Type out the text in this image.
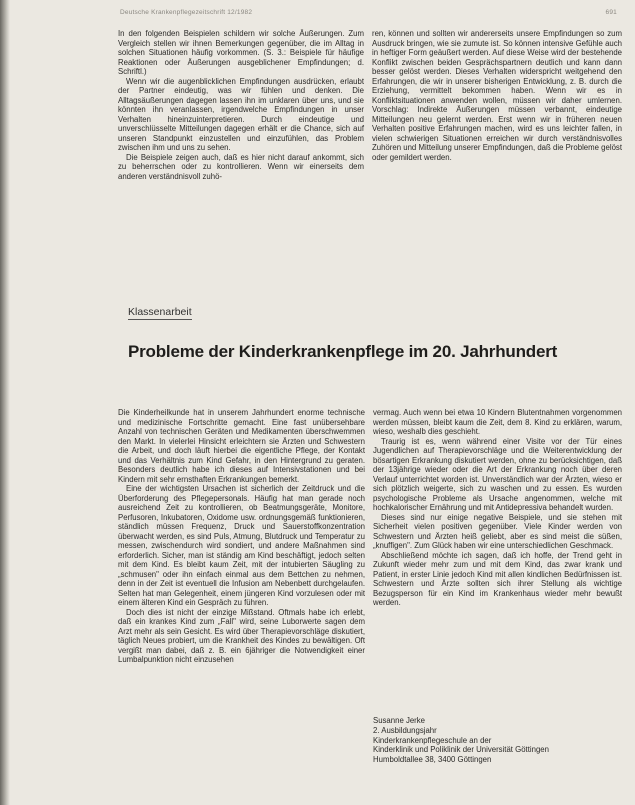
Deutsche Krankenpflegezeitschrift 12/1982	691

In den folgenden Beispielen schildern wir solche Äußerungen. Zum Vergleich stellen wir ihnen Bemerkungen gegenüber, die im Alltag in solchen Situationen häufig vorkommen. (S. 3.: Beispiele für häufige Reaktionen oder Äußerungen ausgeblichener Empfindungen; d. Schriftl.)

Wenn wir die augenblicklichen Empfindungen ausdrücken, erlaubt der Partner eindeutig, was wir fühlen und denken. Die Alltagsäußerungen dagegen lassen ihn im unklaren über uns, und sie könnten ihn veranlassen, irgendwelche Empfindungen in unser Verhalten hineinzuinterpretieren. Durch eindeutige und unverschlüsselte Mitteilungen dagegen erhält er die Chance, sich auf unseren Standpunkt einzustellen und einzufühlen, das Problem zwischen ihm und uns zu sehen.

Die Beispiele zeigen auch, daß es hier nicht darauf ankommt, sich zu beherrschen oder zu kontrollieren. Wenn wir einerseits dem anderen verständnisvoll zuhö-

ren, können und sollten wir andererseits unsere Empfindungen so zum Ausdruck bringen, wie sie zumute ist. So können intensive Gefühle auch in heftiger Form geäußert werden. Auf diese Weise wird der bestehende Konflikt zwischen beiden Gesprächspartnern deutlich und kann dann besser gelöst werden. Dieses Verhalten widerspricht weitgehend den Erfahrungen, die wir in unserer bisherigen Entwicklung, z. B. durch die Erziehung, vermittelt bekommen haben. Wenn wir es in Konfliktsituationen anwenden wollen, müssen wir daher umlernen. Vorschlag: Indirekte Äußerungen müssen verbannt, eindeutige Mitteilungen neu gelernt werden. Erst wenn wir in früheren neuen Verhalten positive Erfahrungen machen, wird es uns leichter fallen, in vielen schwierigen Situationen erreichen wir durch verständnisvolles Zuhören und Mitteilung unserer Empfindungen, daß die Probleme gelöst oder gemildert werden.

Klassenarbeit
Probleme der Kinderkrankenpflege im 20. Jahrhundert

Die Kinderheilkunde hat in unserem Jahrhundert enorme technische und medizinische Fortschritte gemacht. Eine fast unübersehbare Anzahl von technischen Geräten und Medikamenten überschwemmen den Markt. In vielerlei Hinsicht erleichtern sie Ärzten und Schwestern die Arbeit, und doch läuft hierbei die eigentliche Pflege, der Kontakt und das Verhältnis zum Kind Gefahr, in den Hintergrund zu geraten. Besonders deutlich habe ich dieses auf Intensivstationen und bei Kindern mit sehr ernsthaften Erkrankungen bemerkt.

Eine der wichtigsten Ursachen ist sicherlich der Zeitdruck und die Überforderung des Pflegepersonals. Häufig hat man gerade noch ausreichend Zeit zu kontrollieren, ob Beatmungsgeräte, Monitore, Perfusoren, Inkubatoren, Oxidome usw. ordnungsgemäß funktionieren, ständlich müssen Frequenz, Druck und Sauerstoffkonzentration überwacht werden, es sind Puls, Atmung, Blutdruck und Temperatur zu messen, zwischendurch wird sondiert, und andere Maßnahmen sind erforderlich. Sicher, man ist ständig am Kind beschäftigt, jedoch selten mit dem Kind. Es bleibt kaum Zeit, mit der intubierten Säugling zu „schmusen" oder ihn einfach einmal aus dem Bettchen zu nehmen, denn in der Zeit ist eventuell die Infusion am Nebenbett durchgelaufen. Selten hat man Gelegenheit, einem jüngeren Kind vorzulesen oder mit einem älteren Kind ein Gespräch zu führen.

Doch dies ist nicht der einzige Mißstand. Oftmals habe ich erlebt, daß ein krankes Kind zum „Fall" wird, seine Luborwerte sagen dem Arzt mehr als sein Gesicht. Es wird über Therapievorschläge diskutiert, täglich Neues probiert, um die Krankheit des Kindes zu bewältigen. Oft vergißt man dabei, daß z. B. ein 6jähriger die Notwendigkeit einer Lumbalpunktion nicht einzusehen

vermag. Auch wenn bei etwa 10 Kindern Blutentnahmen vorgenommen werden müssen, bleibt kaum die Zeit, dem 8. Kind zu erklären, warum, wieso, weshalb dies geschieht.

Traurig ist es, wenn während einer Visite vor der Tür eines Jugendlichen auf Therapievorschläge und die Weiterentwicklung der bösartigen Erkrankung diskutiert werden, ohne zu berücksichtigen, daß der 13jährige wieder oder die Art der Erkrankung noch über deren Verlauf unterrichtet worden ist. Unverständlich war der Ärzten, wieso er sich plötzlich weigerte, sich zu waschen und zu essen. Es wurden psychologische Probleme als Ursache angenommen, welche mit hochkalorischer Ernährung und mit Antidepressiva behandelt wurden.

Dieses sind nur einige negative Beispiele, und sie stehen mit Sicherheit vielen positiven gegenüber. Viele Kinder werden von Schwestern und Ärzten heiß geliebt, aber es sind meist die süßen, „knuffigen". Zum Glück haben wir eine unterschiedlichen Geschmack.

Abschließend möchte ich sagen, daß ich hoffe, der Trend geht in Zukunft wieder mehr zum und mit dem Kind, das zwar krank und Patient, in erster Linie jedoch Kind mit allen kindlichen Bedürfnissen ist. Schwestern und Ärzte sollten sich ihrer Stellung als wichtige Bezugsperson für ein Kind im Krankenhaus wieder mehr bewußt werden.

Susanne Jerke
2. Ausbildungsjahr
Kinderkrankenpflegeschule an der
Kinderklinik und Poliklinik der Universität Göttingen
Humboldtallee 38, 3400 Göttingen
